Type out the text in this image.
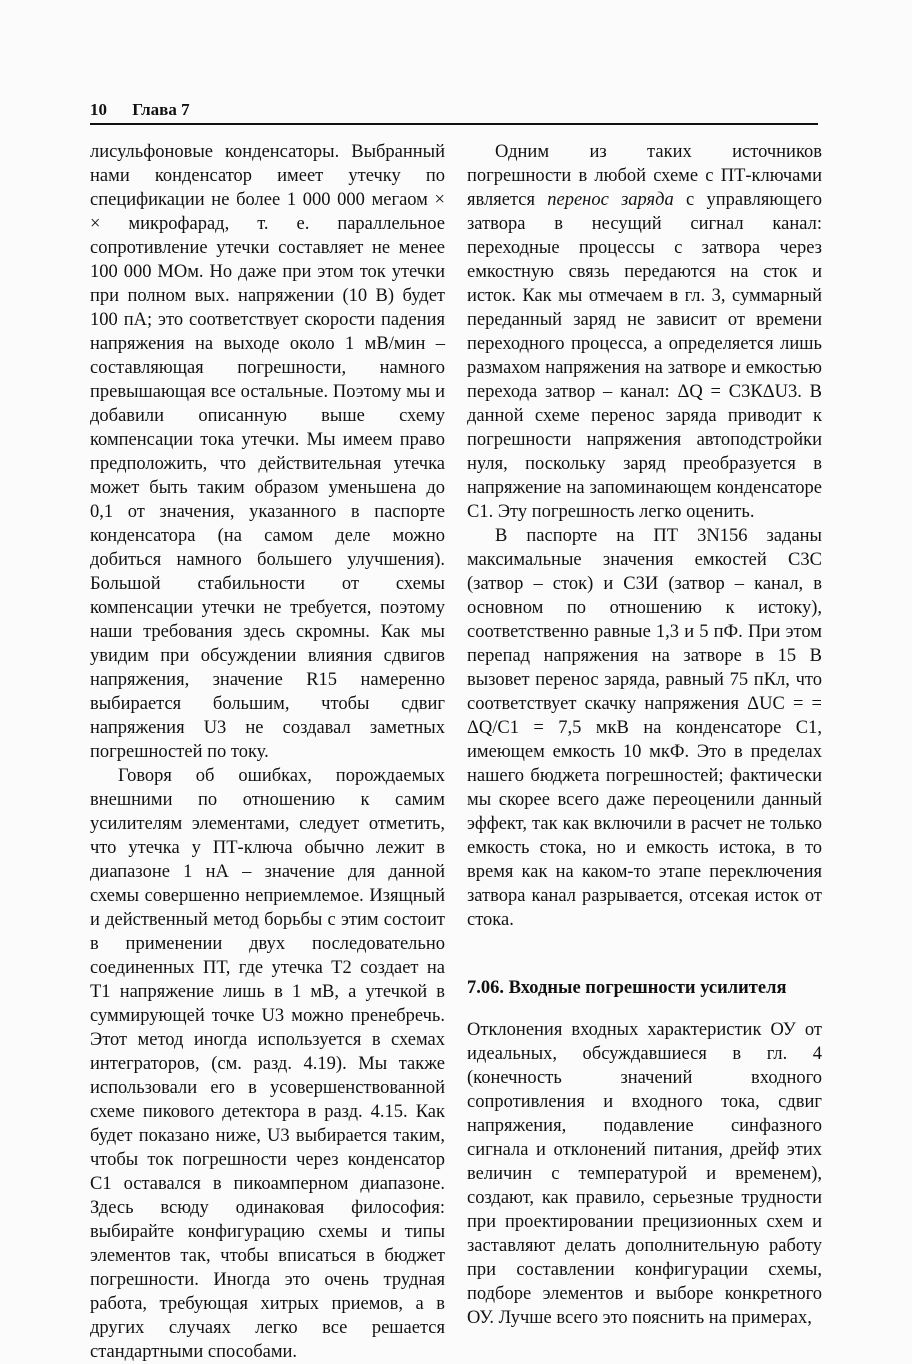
10 Глава 7

лисульфоновые конденсаторы. Выбранный нами конденсатор имеет утечку по спецификации не более 1 000 000 мегаом × × микрофарад, т. е. параллельное сопротивление утечки составляет не менее 100 000 МОм. Но даже при этом ток утечки при полном вых. напряжении (10 В) будет 100 пА; это соответствует скорости падения напряжения на выходе около 1 мВ/мин – составляющая погрешности, намного превышающая все остальные. Поэтому мы и добавили описанную выше схему компенсации тока утечки. Мы имеем право предположить, что действительная утечка может быть таким образом уменьшена до 0,1 от значения, указанного в паспорте конденсатора (на самом деле можно добиться намного большего улучшения). Большой стабильности от схемы компенсации утечки не требуется, поэтому наши требования здесь скромны. Как мы увидим при обсуждении влияния сдвигов напряжения, значение R15 намеренно выбирается большим, чтобы сдвиг напряжения U3 не создавал заметных погрешностей по току.

Говоря об ошибках, порождаемых внешними по отношению к самим усилителям элементами, следует отметить, что утечка у ПТ-ключа обычно лежит в диапазоне 1 нА – значение для данной схемы совершенно неприемлемое. Изящный и действенный метод борьбы с этим состоит в применении двух последовательно соединенных ПТ, где утечка T2 создает на T1 напряжение лишь в 1 мВ, а утечкой в суммирующей точке U3 можно пренебречь. Этот метод иногда используется в схемах интеграторов, (см. разд. 4.19). Мы также использовали его в усовершенствованной схеме пикового детектора в разд. 4.15. Как будет показано ниже, U3 выбирается таким, чтобы ток погрешности через конденсатор C1 оставался в пикоамперном диапазоне. Здесь всюду одинаковая философия: выбирайте конфигурацию схемы и типы элементов так, чтобы вписаться в бюджет погрешности. Иногда это очень трудная работа, требующая хитрых приемов, а в других случаях легко все решается стандартными способами.

Одним из таких источников погрешности в любой схеме с ПТ-ключами является перенос заряда с управляющего затвора в несущий сигнал канал: переходные процессы с затвора через емкостную связь передаются на сток и исток. Как мы отмечаем в гл. 3, суммарный переданный заряд не зависит от времени переходного процесса, а определяется лишь размахом напряжения на затворе и емкостью перехода затвор – канал: ΔQ = C3КΔU3. В данной схеме перенос заряда приводит к погрешности напряжения автоподстройки нуля, поскольку заряд преобразуется в напряжение на запоминающем конденсаторе C1. Эту погрешность легко оценить.

В паспорте на ПТ 3N156 заданы максимальные значения емкостей C3С (затвор – сток) и C3И (затвор – канал, в основном по отношению к истоку), соответственно равные 1,3 и 5 пФ. При этом перепад напряжения на затворе в 15 В вызовет перенос заряда, равный 75 пКл, что соответствует скачку напряжения ΔUC = = ΔQ/C1 = 7,5 мкВ на конденсаторе C1, имеющем емкость 10 мкФ. Это в пределах нашего бюджета погрешностей; фактически мы скорее всего даже переоценили данный эффект, так как включили в расчет не только емкость стока, но и емкость истока, в то время как на каком-то этапе переключения затвора канал разрывается, отсекая исток от стока.

7.06. Входные погрешности усилителя

Отклонения входных характеристик ОУ от идеальных, обсуждавшиеся в гл. 4 (конечность значений входного сопротивления и входного тока, сдвиг напряжения, подавление синфазного сигнала и отклонений питания, дрейф этих величин с температурой и временем), создают, как правило, серьезные трудности при проектировании прецизионных схем и заставляют делать дополнительную работу при составлении конфигурации схемы, подборе элементов и выборе конкретного ОУ. Лучше всего это пояснить на примерах,
